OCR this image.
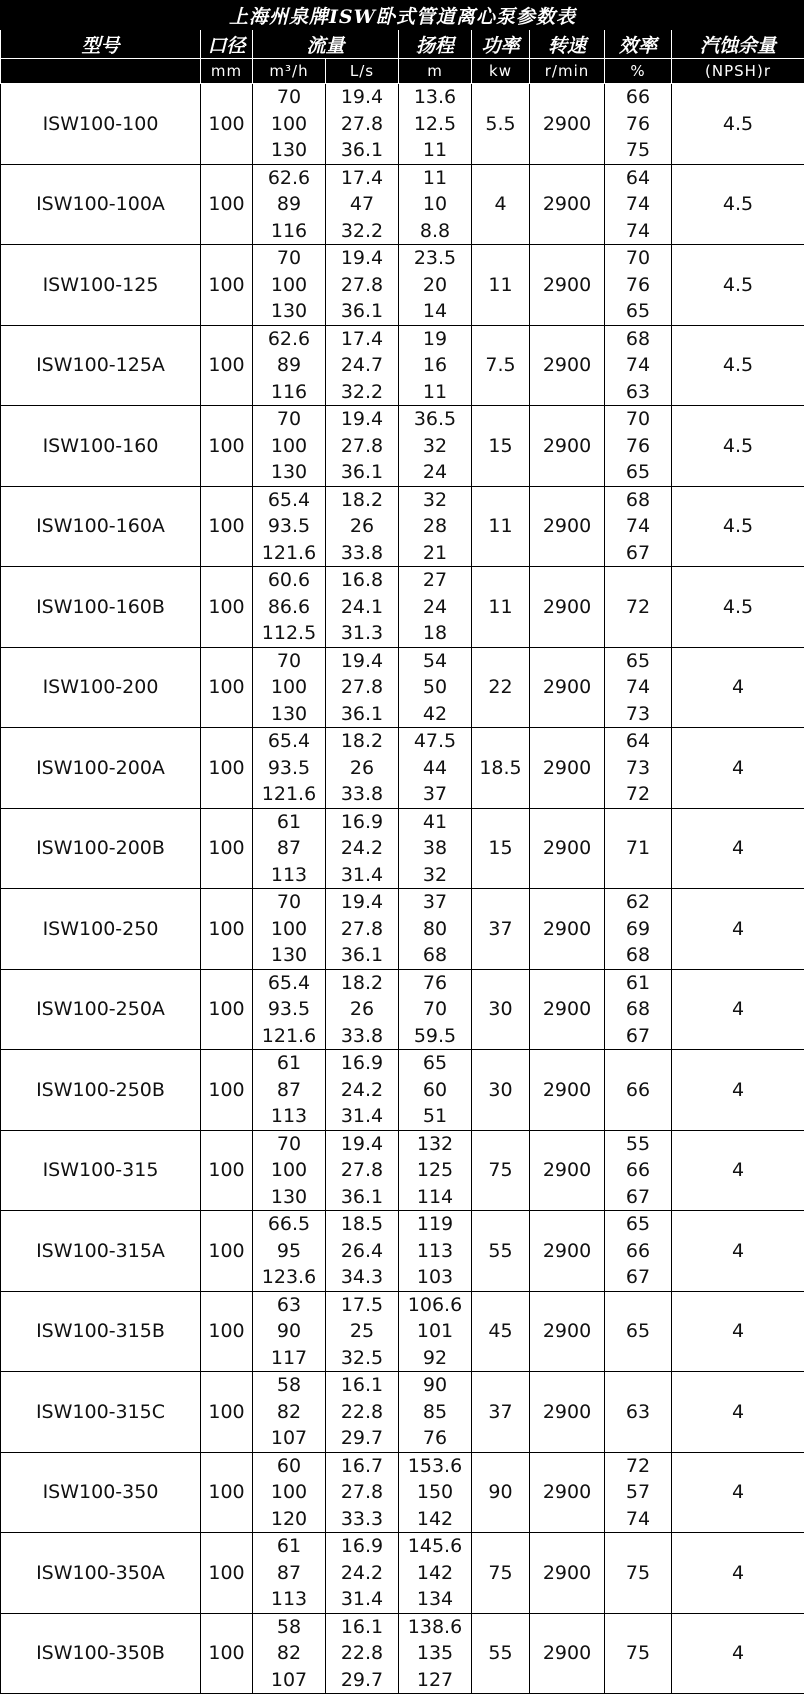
上海州泉牌ISW卧式管道离心泵参数表								
型号	口径	流量		扬程	功率	转速	效率	汽蚀余量
	mm	m³/h	L/s	m	kw	r/min	%	(NPSH)r
ISW100-100	100	70
100
130	19.4
27.8
36.1	13.6
12.5
11	5.5	2900	66
76
75	4.5
ISW100-100A	100	62.6
89
116	17.4
47
32.2	11
10
8.8	4	2900	64
74
74	4.5
ISW100-125	100	70
100
130	19.4
27.8
36.1	23.5
20
14	11	2900	70
76
65	4.5
ISW100-125A	100	62.6
89
116	17.4
24.7
32.2	19
16
11	7.5	2900	68
74
63	4.5
ISW100-160	100	70
100
130	19.4
27.8
36.1	36.5
32
24	15	2900	70
76
65	4.5
ISW100-160A	100	65.4
93.5
121.6	18.2
26
33.8	32
28
21	11	2900	68
74
67	4.5
ISW100-160B	100	60.6
86.6
112.5	16.8
24.1
31.3	27
24
18	11	2900	72	4.5
ISW100-200	100	70
100
130	19.4
27.8
36.1	54
50
42	22	2900	65
74
73	4
ISW100-200A	100	65.4
93.5
121.6	18.2
26
33.8	47.5
44
37	18.5	2900	64
73
72	4
ISW100-200B	100	61
87
113	16.9
24.2
31.4	41
38
32	15	2900	71	4
ISW100-250	100	70
100
130	19.4
27.8
36.1	37
80
68	37	2900	62
69
68	4
ISW100-250A	100	65.4
93.5
121.6	18.2
26
33.8	76
70
59.5	30	2900	61
68
67	4
ISW100-250B	100	61
87
113	16.9
24.2
31.4	65
60
51	30	2900	66	4
ISW100-315	100	70
100
130	19.4
27.8
36.1	132
125
114	75	2900	55
66
67	4
ISW100-315A	100	66.5
95
123.6	18.5
26.4
34.3	119
113
103	55	2900	65
66
67	4
ISW100-315B	100	63
90
117	17.5
25
32.5	106.6
101
92	45	2900	65	4
ISW100-315C	100	58
82
107	16.1
22.8
29.7	90
85
76	37	2900	63	4
ISW100-350	100	60
100
120	16.7
27.8
33.3	153.6
150
142	90	2900	72
57
74	4
ISW100-350A	100	61
87
113	16.9
24.2
31.4	145.6
142
134	75	2900	75	4
ISW100-350B	100	58
82
107	16.1
22.8
29.7	138.6
135
127	55	2900	75	4
